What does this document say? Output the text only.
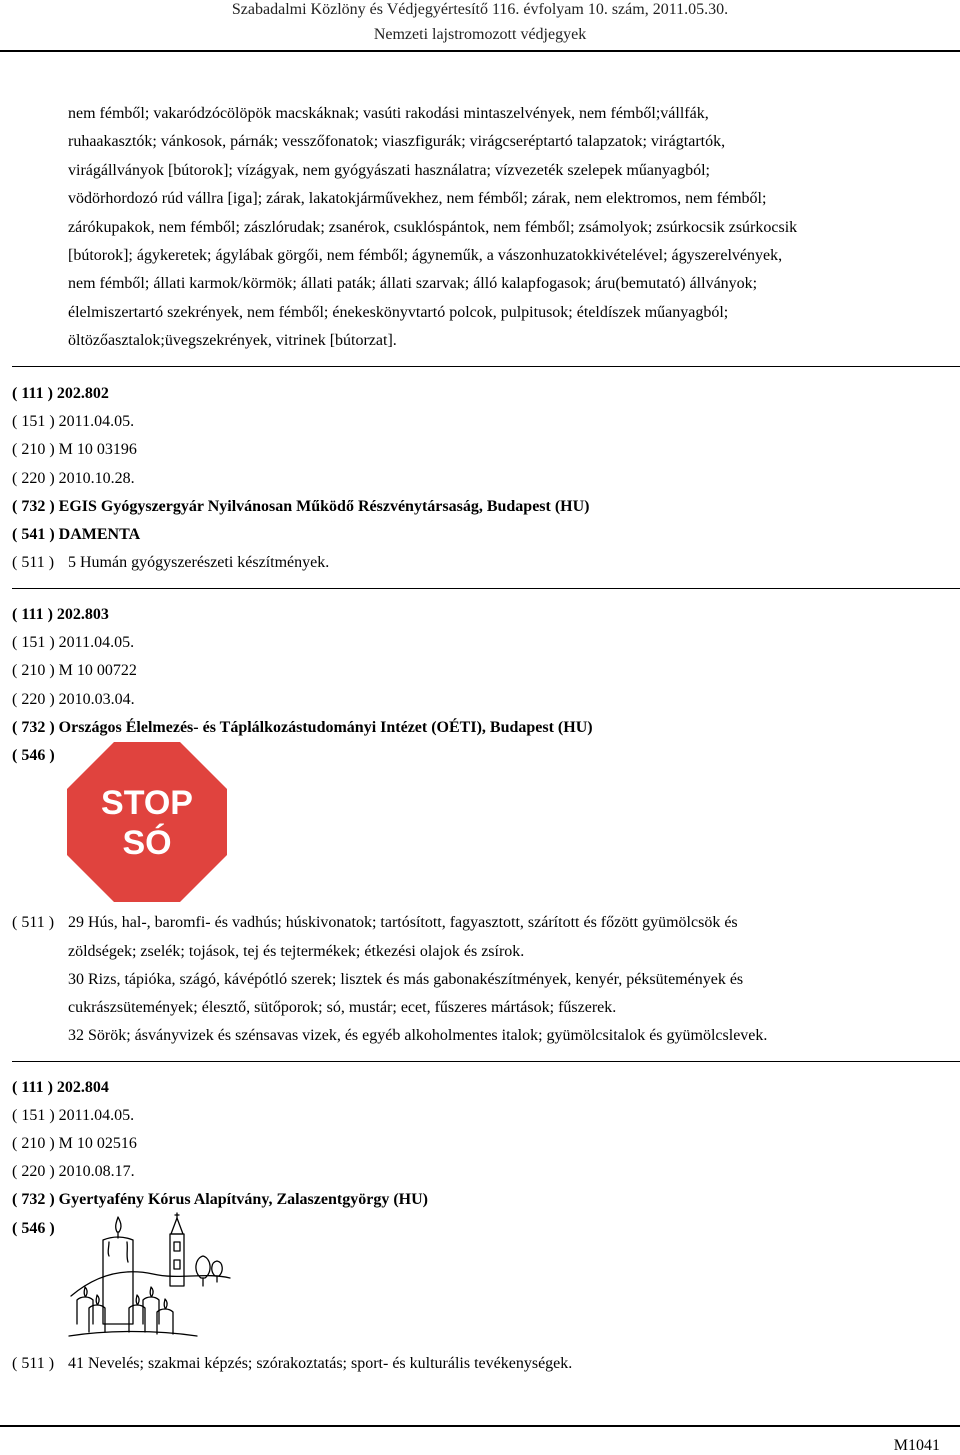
Szabadalmi Közlöny és Védjegyértesítő 116. évfolyam 10. szám, 2011.05.30.
Nemzeti lajstromozott védjegyek

nem fémből; vakaródzócölöpök macskáknak; vasúti rakodási mintaszelvények, nem fémből;vállfák,

ruhaakasztók; vánkosok, párnák; vesszőfonatok; viaszfigurák; virágcseréptartó talapzatok; virágtartók,

virágállványok [bútorok]; vízágyak, nem gyógyászati használatra; vízvezeték szelepek műanyagból;

vödörhordozó rúd vállra [iga]; zárak, lakatokjárművekhez, nem fémből; zárak, nem elektromos, nem fémből;

zárókupakok, nem fémből; zászlórudak; zsanérok, csuklóspántok, nem fémből; zsámolyok; zsúrkocsik zsúrkocsik

[bútorok]; ágykeretek; ágylábak görgői, nem fémből; ágyneműk, a vászonhuzatokkivételével; ágyszerelvények,

nem fémből; állati karmok/körmök; állati paták; állati szarvak; álló kalapfogasok; áru(bemutató) állványok;

élelmiszertartó szekrények, nem fémből; énekeskönyvtartó polcok, pulpitusok; ételdíszek műanyagból;

öltözőasztalok;üvegszekrények, vitrinek [bútorzat].

( 111 ) 202.802
( 151 ) 2011.04.05.
( 210 ) M 10 03196
( 220 ) 2010.10.28.
( 732 ) EGIS Gyógyszergyár Nyilvánosan Működő Részvénytársaság, Budapest (HU)
( 541 ) DAMENTA
( 511 ) 5 Humán gyógyszerészeti készítmények.
( 111 ) 202.803
( 151 ) 2011.04.05.
( 210 ) M 10 00722
( 220 ) 2010.03.04.
( 732 ) Országos Élelmezés- és Táplálkozástudományi Intézet (OÉTI), Budapest (HU)
( 546 )
STOP
SÓ
( 511 ) 29 Hús, hal-, baromfi- és vadhús; húskivonatok; tartósított, fagyasztott, szárított és főzött gyümölcsök és
zöldségek; zselék; tojások, tej és tejtermékek; étkezési olajok és zsírok.
30 Rizs, tápióka, szágó, kávépótló szerek; lisztek és más gabonakészítmények, kenyér, péksütemények és
cukrászsütemények; élesztő, sütőporok; só, mustár; ecet, fűszeres mártások; fűszerek.
32 Sörök; ásványvizek és szénsavas vizek, és egyéb alkoholmentes italok; gyümölcsitalok és gyümölcslevek.
( 111 ) 202.804
( 151 ) 2011.04.05.
( 210 ) M 10 02516
( 220 ) 2010.08.17.
( 732 ) Gyertyafény Kórus Alapítvány, Zalaszentgyörgy (HU)
( 546 )
( 511 ) 41 Nevelés; szakmai képzés; szórakoztatás; sport- és kulturális tevékenységek.
M1041
